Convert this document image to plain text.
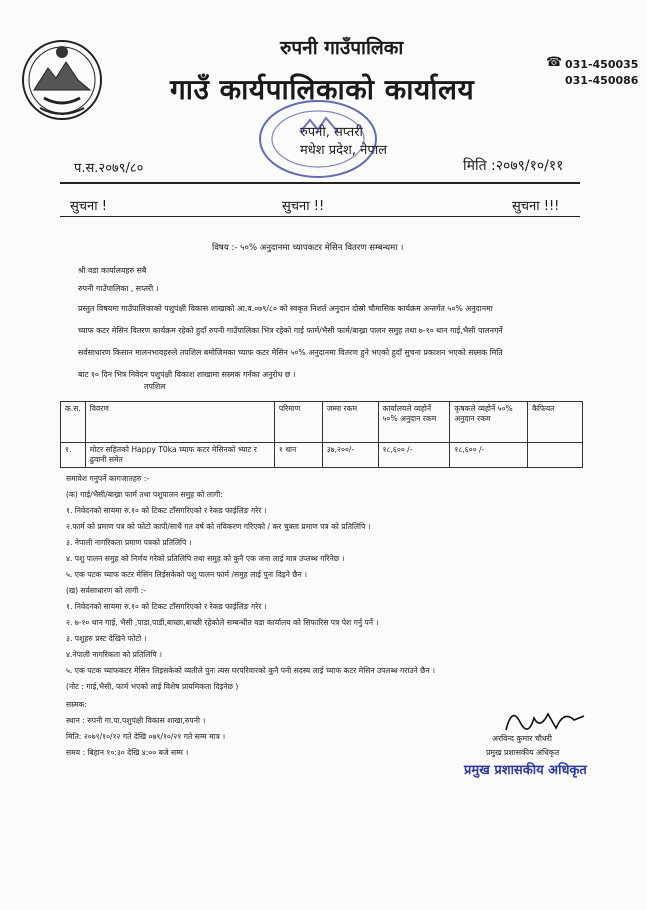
रुपनी गाउँपालिका
गाउँ कार्यपालिकाको कार्यालय
रुपनी, सप्तरी
मधेश प्रदेश, नेपाल
☎ 031-450035
031-450086
प.स.२०७९/८०	मिति :२०७९/१०/११
सुचना !	सुचना !!	सुचना !!!
विषय :- ५०% अनुदानमा च्यापकटर मेसिन वितरण सम्बन्धमा ।
श्री वडा कार्यालयहरु सबै
रुपनी गाउँपालिका , सप्तरी ।
प्रस्तुत विषयमा गाउँपालिकाको पशुपंक्षी विकास शाखाको आ.व.०७९/८० को स्वकृत निशर्त अनुदान दोस्रो चौमासिक कार्यक्रम अन्तर्गत ५०% अनुदानमा च्याफ कटर मेसिन वितरण कार्यक्रम रहेको हुदाँ रुपनी गाउँपालिका भित्र रहेको गाई फार्म/भैसी फार्म/बाख्रा पालन समुह तथा ७-१० थान गाई,भैसी पालनगर्ने सर्वसाधारण किसान मालनभावहरुले तपशिल बमोजिमका च्याफ कटर मेसिन ५०% अनुदानमा वितरण हुने भएको हुदाँ सुचना प्रकाशन भएको सम्र्मक मिति बाट १० दिन भित्र निवेदन पशुपंक्षी विकाश शाखामा सम्र्मक गर्नका अनुरोध छ ।
तपशिल
क.स.	विवरण	परिमाण	जम्मा रकम	कार्यालयले व्यहोर्ने ५०% अनुदान रकम	कृषकले व्यहोर्ने ५०% अनुदान रकम	कैफियत
१.	मोटर सहितको Happy T0ka च्याफ कटर मेसिनको भ्याट र ढुवानी समेत	१ थान	३७,२००/-	१८,६०० /-	१८,६०० /-	
समावेश गनुपर्ने कागजातहरु :-
(क) गाई/भैसी/बाख्रा फार्म तथा पशुपालन समुह को लागी:
१. निवेदनको सायमा रु.१० को टिकट टाँसगरिएको र रेकड फाईलिङ गरेर ।
२.फार्म को प्रमाण पत्र को फोटो कापी/साथै गत वर्ष को नविकरण गरिएको / कर चुक्ता प्रमाण पत्र को प्रतिलिपि ।
३. नेपाली नागरिकता प्रमाण पत्रको प्रतिलिपि ।
४. पशु पालन समुह को निर्णय गरेको प्रतिलिपि तथा समुह को कुनै एक जना लाई मात्र उप्लब्ध गरिनेछ ।
५. एक पटक च्याफ कटर मेसिन लिईसकेको पशु पालन फार्म /समुह लाई पुनः दिइने छैन ।
(ख) सर्वसाधारण को लागी :-
१. निवेदनको सायमा रु.१० को टिकट टाँसगरिएको र रेकड फाईलिङ गरेर ।
२. ७-१० थान गाई, भैसी ,पाडा,पाडी,बाच्छा,बाच्छी रहेकोले सम्बन्धीत वडा कार्यालय को सिफारिस पत्र पेश गर्नु पर्ने ।
३. पशुहरु प्रस्ट देखिने फोटो ।
४.नेपाली नागरिकता को प्रतिलिपि ।
५. एक पटक च्याफकटर मेसिन लिइसकेको व्यतीले पुनः त्यस घरपरिवारको कुनै पनी सदस्य लाई च्याफ कटर मेसिन उपलब्ध गराउने छैन ।
(नोट : गाई,भैसी, फार्म भएको लाई विशेष प्रायमिकता दिइनेछ )
सम्र्मक:
स्थान : रुपनी गा.पा.पशुपंक्षी विकास शाखा,रुपनी ।
मिति: २०७९/१०/१२ गते देखि ०७९/१०/२१ गते सम्म मात्र ।
समय : बिहान १०:३० देखि ४:०० बजे सम्म ।
अरविन्द कुमार चौधरी
प्रमुख प्रशासकीय अधिकृत
प्रमुख प्रशासकीय अधिकृत
